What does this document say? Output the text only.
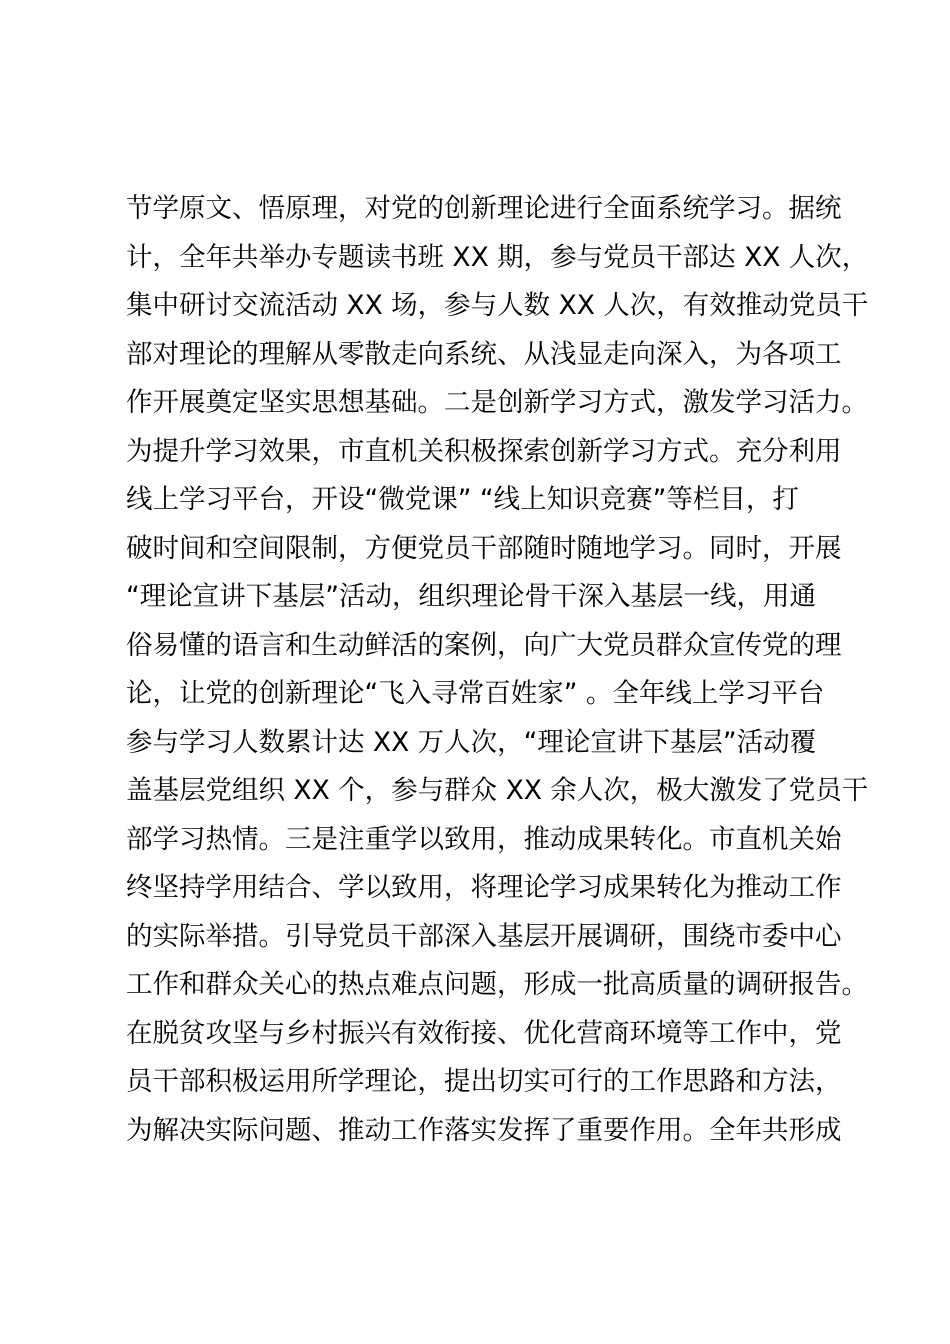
节学原文、悟原理，对党的创新理论进行全面系统学习。据统
计，全年共举办专题读书班 XX 期，参与党员干部达 XX 人次，
集中研讨交流活动 XX 场，参与人数 XX 人次，有效推动党员干
部对理论的理解从零散走向系统、从浅显走向深入，为各项工
作开展奠定坚实思想基础。二是创新学习方式，激发学习活力。
为提升学习效果，市直机关积极探索创新学习方式。充分利用
线上学习平台，开设“微党课” “线上知识竞赛”等栏目，打
破时间和空间限制，方便党员干部随时随地学习。同时，开展
“理论宣讲下基层”活动，组织理论骨干深入基层一线，用通
俗易懂的语言和生动鲜活的案例，向广大党员群众宣传党的理
论，让党的创新理论“飞入寻常百姓家” 。全年线上学习平台
参与学习人数累计达 XX 万人次，“理论宣讲下基层”活动覆
盖基层党组织 XX 个，参与群众 XX 余人次，极大激发了党员干
部学习热情。三是注重学以致用，推动成果转化。市直机关始
终坚持学用结合、学以致用，将理论学习成果转化为推动工作
的实际举措。引导党员干部深入基层开展调研，围绕市委中心
工作和群众关心的热点难点问题，形成一批高质量的调研报告。
在脱贫攻坚与乡村振兴有效衔接、优化营商环境等工作中，党
员干部积极运用所学理论，提出切实可行的工作思路和方法，
为解决实际问题、推动工作落实发挥了重要作用。全年共形成
